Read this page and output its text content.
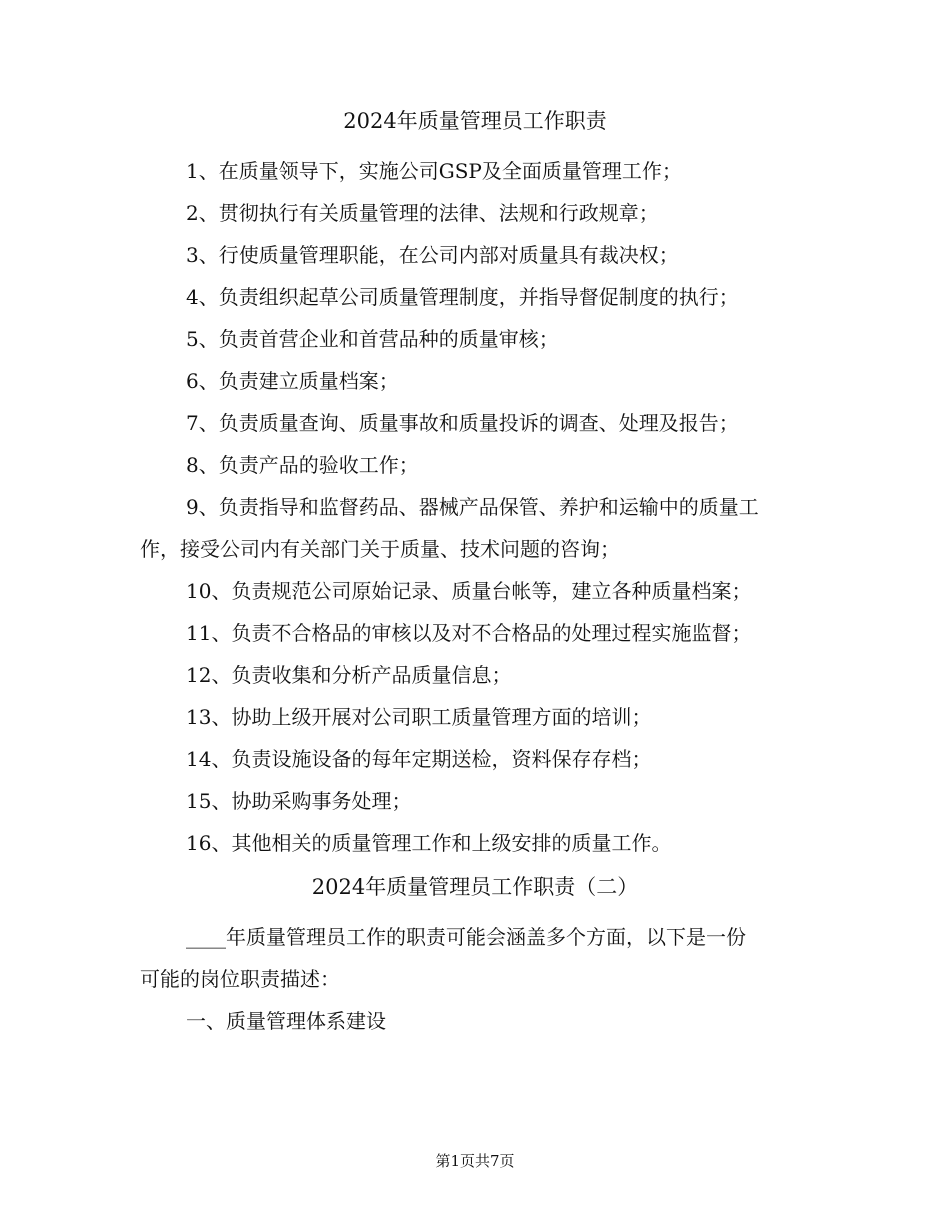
2024年质量管理员工作职责
1、在质量领导下，实施公司GSP及全面质量管理工作；
2、贯彻执行有关质量管理的法律、法规和行政规章；
3、行使质量管理职能，在公司内部对质量具有裁决权；
4、负责组织起草公司质量管理制度，并指导督促制度的执行；
5、负责首营企业和首营品种的质量审核；
6、负责建立质量档案；
7、负责质量查询、质量事故和质量投诉的调查、处理及报告；
8、负责产品的验收工作；
9、负责指导和监督药品、器械产品保管、养护和运输中的质量工
作，接受公司内有关部门关于质量、技术问题的咨询；
10、负责规范公司原始记录、质量台帐等，建立各种质量档案；
11、负责不合格品的审核以及对不合格品的处理过程实施监督；
12、负责收集和分析产品质量信息；
13、协助上级开展对公司职工质量管理方面的培训；
14、负责设施设备的每年定期送检，资料保存存档；
15、协助采购事务处理；
16、其他相关的质量管理工作和上级安排的质量工作。
2024年质量管理员工作职责（二）
____年质量管理员工作的职责可能会涵盖多个方面，以下是一份
可能的岗位职责描述：
一、质量管理体系建设
第1页共7页
